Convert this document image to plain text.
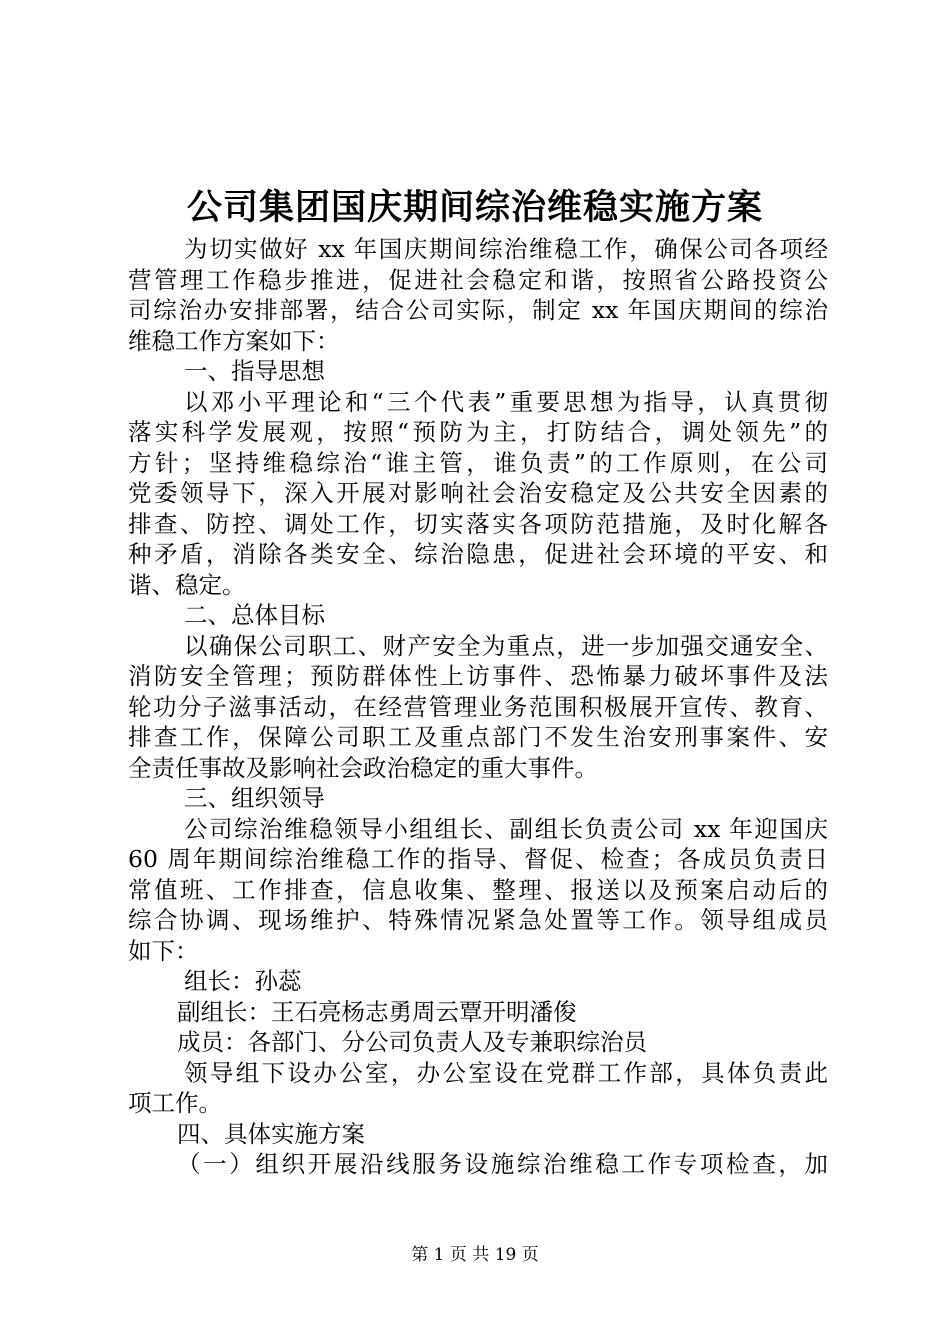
公司集团国庆期间综治维稳实施方案
为切实做好 xx 年国庆期间综治维稳工作，确保公司各项经
营管理工作稳步推进，促进社会稳定和谐，按照省公路投资公
司综治办安排部署，结合公司实际，制定 xx 年国庆期间的综治
维稳工作方案如下：
一、指导思想
以邓小平理论和“三个代表”重要思想为指导，认真贯彻
落实科学发展观，按照“预防为主，打防结合，调处领先”的
方针；坚持维稳综治“谁主管，谁负责”的工作原则，在公司
党委领导下，深入开展对影响社会治安稳定及公共安全因素的
排查、防控、调处工作，切实落实各项防范措施，及时化解各
种矛盾，消除各类安全、综治隐患，促进社会环境的平安、和
谐、稳定。
二、总体目标
以确保公司职工、财产安全为重点，进一步加强交通安全、
消防安全管理；预防群体性上访事件、恐怖暴力破坏事件及法
轮功分子滋事活动，在经营管理业务范围积极展开宣传、教育、
排查工作，保障公司职工及重点部门不发生治安刑事案件、安
全责任事故及影响社会政治稳定的重大事件。
三、组织领导
公司综治维稳领导小组组长、副组长负责公司 xx 年迎国庆
60 周年期间综治维稳工作的指导、督促、检查；各成员负责日
常值班、工作排查，信息收集、整理、报送以及预案启动后的
综合协调、现场维护、特殊情况紧急处置等工作。领导组成员
如下：
组长：孙蕊
副组长：王石亮杨志勇周云覃开明潘俊
成员：各部门、分公司负责人及专兼职综治员
领导组下设办公室，办公室设在党群工作部，具体负责此
项工作。
四、具体实施方案
（一）组织开展沿线服务设施综治维稳工作专项检查，加
第 1 页 共 19 页
